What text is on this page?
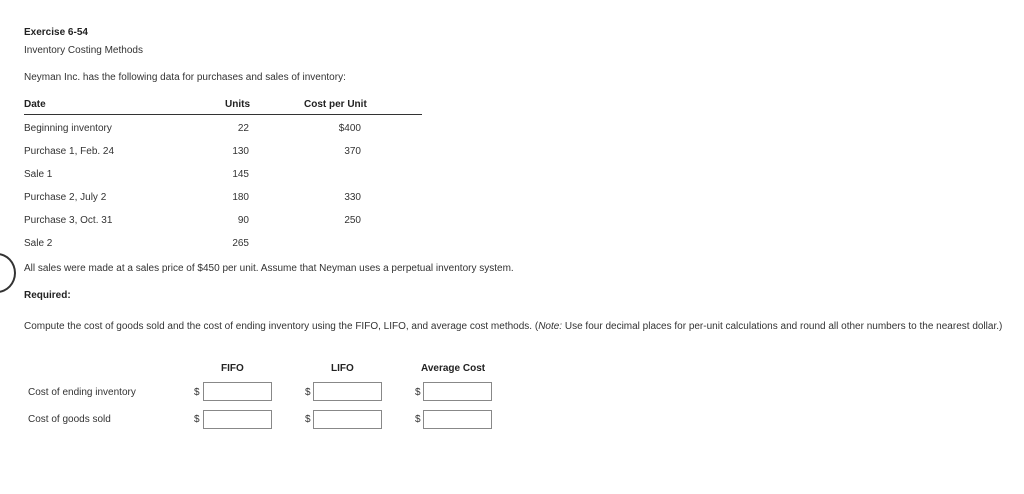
Exercise 6-54
Inventory Costing Methods
Neyman Inc. has the following data for purchases and sales of inventory:
Date	Units	Cost per Unit
Beginning inventory	22	$400
Purchase 1, Feb. 24	130	370
Sale 1	145
Purchase 2, July 2	180	330
Purchase 3, Oct. 31	90	250
Sale 2	265
All sales were made at a sales price of $450 per unit. Assume that Neyman uses a perpetual inventory system.
Required:
Compute the cost of goods sold and the cost of ending inventory using the FIFO, LIFO, and average cost methods. (Note: Use four decimal places for per-unit calculations and round all other numbers to the nearest dollar.)
FIFO	LIFO	Average Cost
Cost of ending inventory	$	$	$
Cost of goods sold	$	$	$
